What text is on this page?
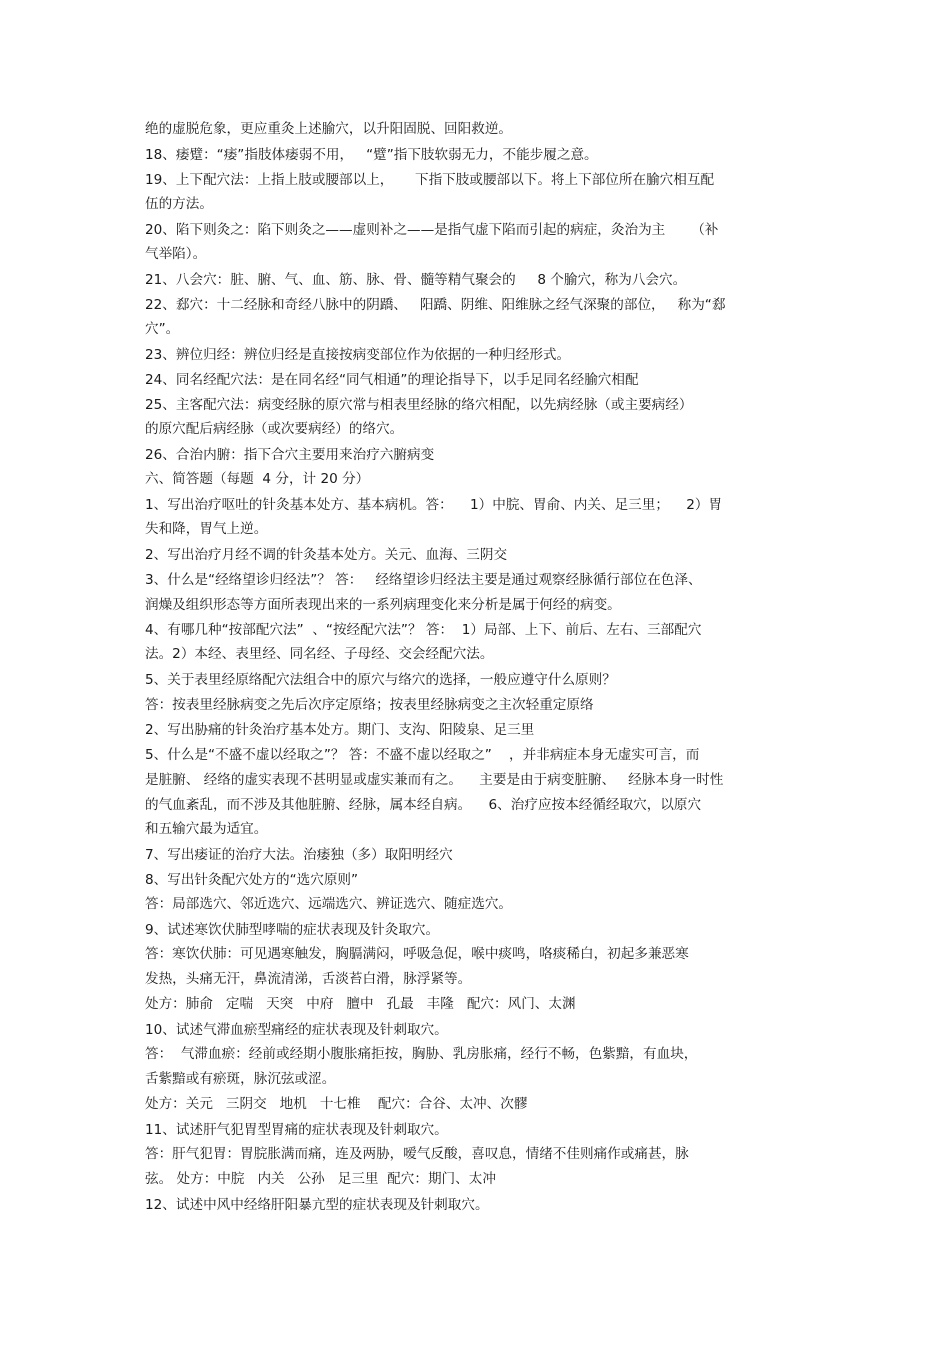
绝的虚脱危象，更应重灸上述腧穴，以升阳固脱、回阳救逆。

18、痿躄：“痿”指肢体痿弱不用，   “躄”指下肢软弱无力，不能步履之意。

19、上下配穴法：上指上肢或腰部以上，     下指下肢或腰部以下。将上下部位所在腧穴相互配

伍的方法。

20、陷下则灸之：陷下则灸之——虚则补之——是指气虚下陷而引起的病症，灸治为主      （补

气举陷）。

21、八会穴：脏、腑、气、血、筋、脉、骨、髓等精气聚会的     8 个腧穴，称为八会穴。

22、郄穴：十二经脉和奇经八脉中的阴蹻、   阳蹻、阴维、阳维脉之经气深聚的部位，   称为“郄

穴”。

23、辨位归经：辨位归经是直接按病变部位作为依据的一种归经形式。

24、同名经配穴法：是在同名经“同气相通”的理论指导下，以手足同名经腧穴相配

25、主客配穴法：病变经脉的原穴常与相表里经脉的络穴相配，以先病经脉（或主要病经）

的原穴配后病经脉（或次要病经）的络穴。

26、合治内腑：指下合穴主要用来治疗六腑病变

六、简答题（每题  4 分，计 20 分）

1、写出治疗呕吐的针灸基本处方、基本病机。答：    1）中脘、胃俞、内关、足三里；    2）胃

失和降，胃气上逆。

2、写出治疗月经不调的针灸基本处方。关元、血海、三阴交

3、什么是“经络望诊归经法”？ 答：   经络望诊归经法主要是通过观察经脉循行部位在色泽、

润燥及组织形态等方面所表现出来的一系列病理变化来分析是属于何经的病变。

4、有哪几种“按部配穴法”  、“按经配穴法”？ 答：  1）局部、上下、前后、左右、三部配穴

法。2）本经、表里经、同名经、子母经、交会经配穴法。

5、关于表里经原络配穴法组合中的原穴与络穴的选择，一般应遵守什么原则？

答：按表里经脉病变之先后次序定原络；按表里经脉病变之主次轻重定原络

2、写出胁痛的针灸治疗基本处方。期门、支沟、阳陵泉、足三里

5、什么是“不盛不虚以经取之”？ 答：不盛不虚以经取之”    ，并非病症本身无虚实可言，而

是脏腑、 经络的虚实表现不甚明显或虚实兼而有之。    主要是由于病变脏腑、   经脉本身一时性

的气血紊乱，而不涉及其他脏腑、经脉，属本经自病。    6、治疗应按本经循经取穴，以原穴

和五输穴最为适宜。

7、写出痿证的治疗大法。治痿独（多）取阳明经穴

8、写出针灸配穴处方的“选穴原则”

答：局部选穴、邻近选穴、远端选穴、辨证选穴、随症选穴。

9、试述寒饮伏肺型哮喘的症状表现及针灸取穴。

答：寒饮伏肺：可见遇寒触发，胸膈满闷，呼吸急促，喉中痰鸣，咯痰稀白，初起多兼恶寒

发热，头痛无汗，鼻流清涕，舌淡苔白滑，脉浮紧等。

处方：肺俞   定喘   天突   中府   膻中   孔最   丰隆   配穴：风门、太渊

10、试述气滞血瘀型痛经的症状表现及针刺取穴。

答：  气滞血瘀：经前或经期小腹胀痛拒按，胸胁、乳房胀痛，经行不畅，色紫黯，有血块，

舌紫黯或有瘀斑，脉沉弦或涩。

处方：关元   三阴交   地机   十七椎    配穴：合谷、太冲、次髎

11、试述肝气犯胃型胃痛的症状表现及针刺取穴。

答：肝气犯胃：胃脘胀满而痛，连及两胁，嗳气反酸，喜叹息，情绪不佳则痛作或痛甚，脉

弦。 处方：中脘   内关   公孙   足三里  配穴：期门、太冲

12、试述中风中经络肝阳暴亢型的症状表现及针刺取穴。
